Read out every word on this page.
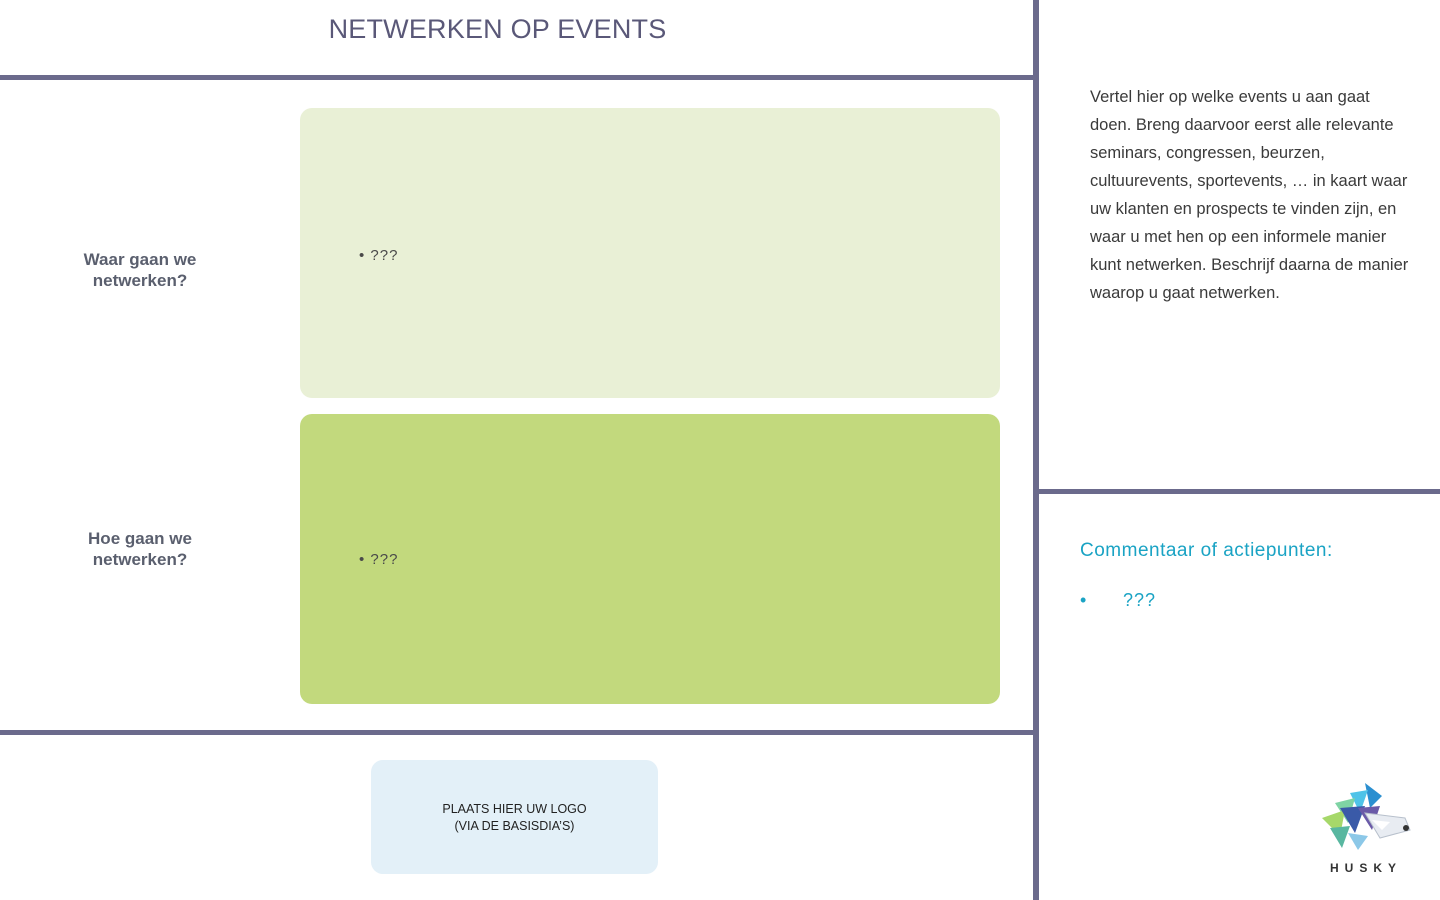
NETWERKEN OP EVENTS
Waar gaan we
netwerken?
• ???
Hoe gaan we
netwerken?	• ???
Vertel hier op welke events u aan gaat doen. Breng daarvoor eerst alle relevante seminars, congressen, beurzen, cultuurevents, sportevents, … in kaart waar uw klanten en prospects te vinden zijn, en waar u met hen op een informele manier kunt netwerken. Beschrijf daarna de manier waarop u gaat netwerken.
Commentaar of actiepunten:
• ???
PLAATS HIER UW LOGO
(VIA DE BASISDIA’S)
HUSKY
